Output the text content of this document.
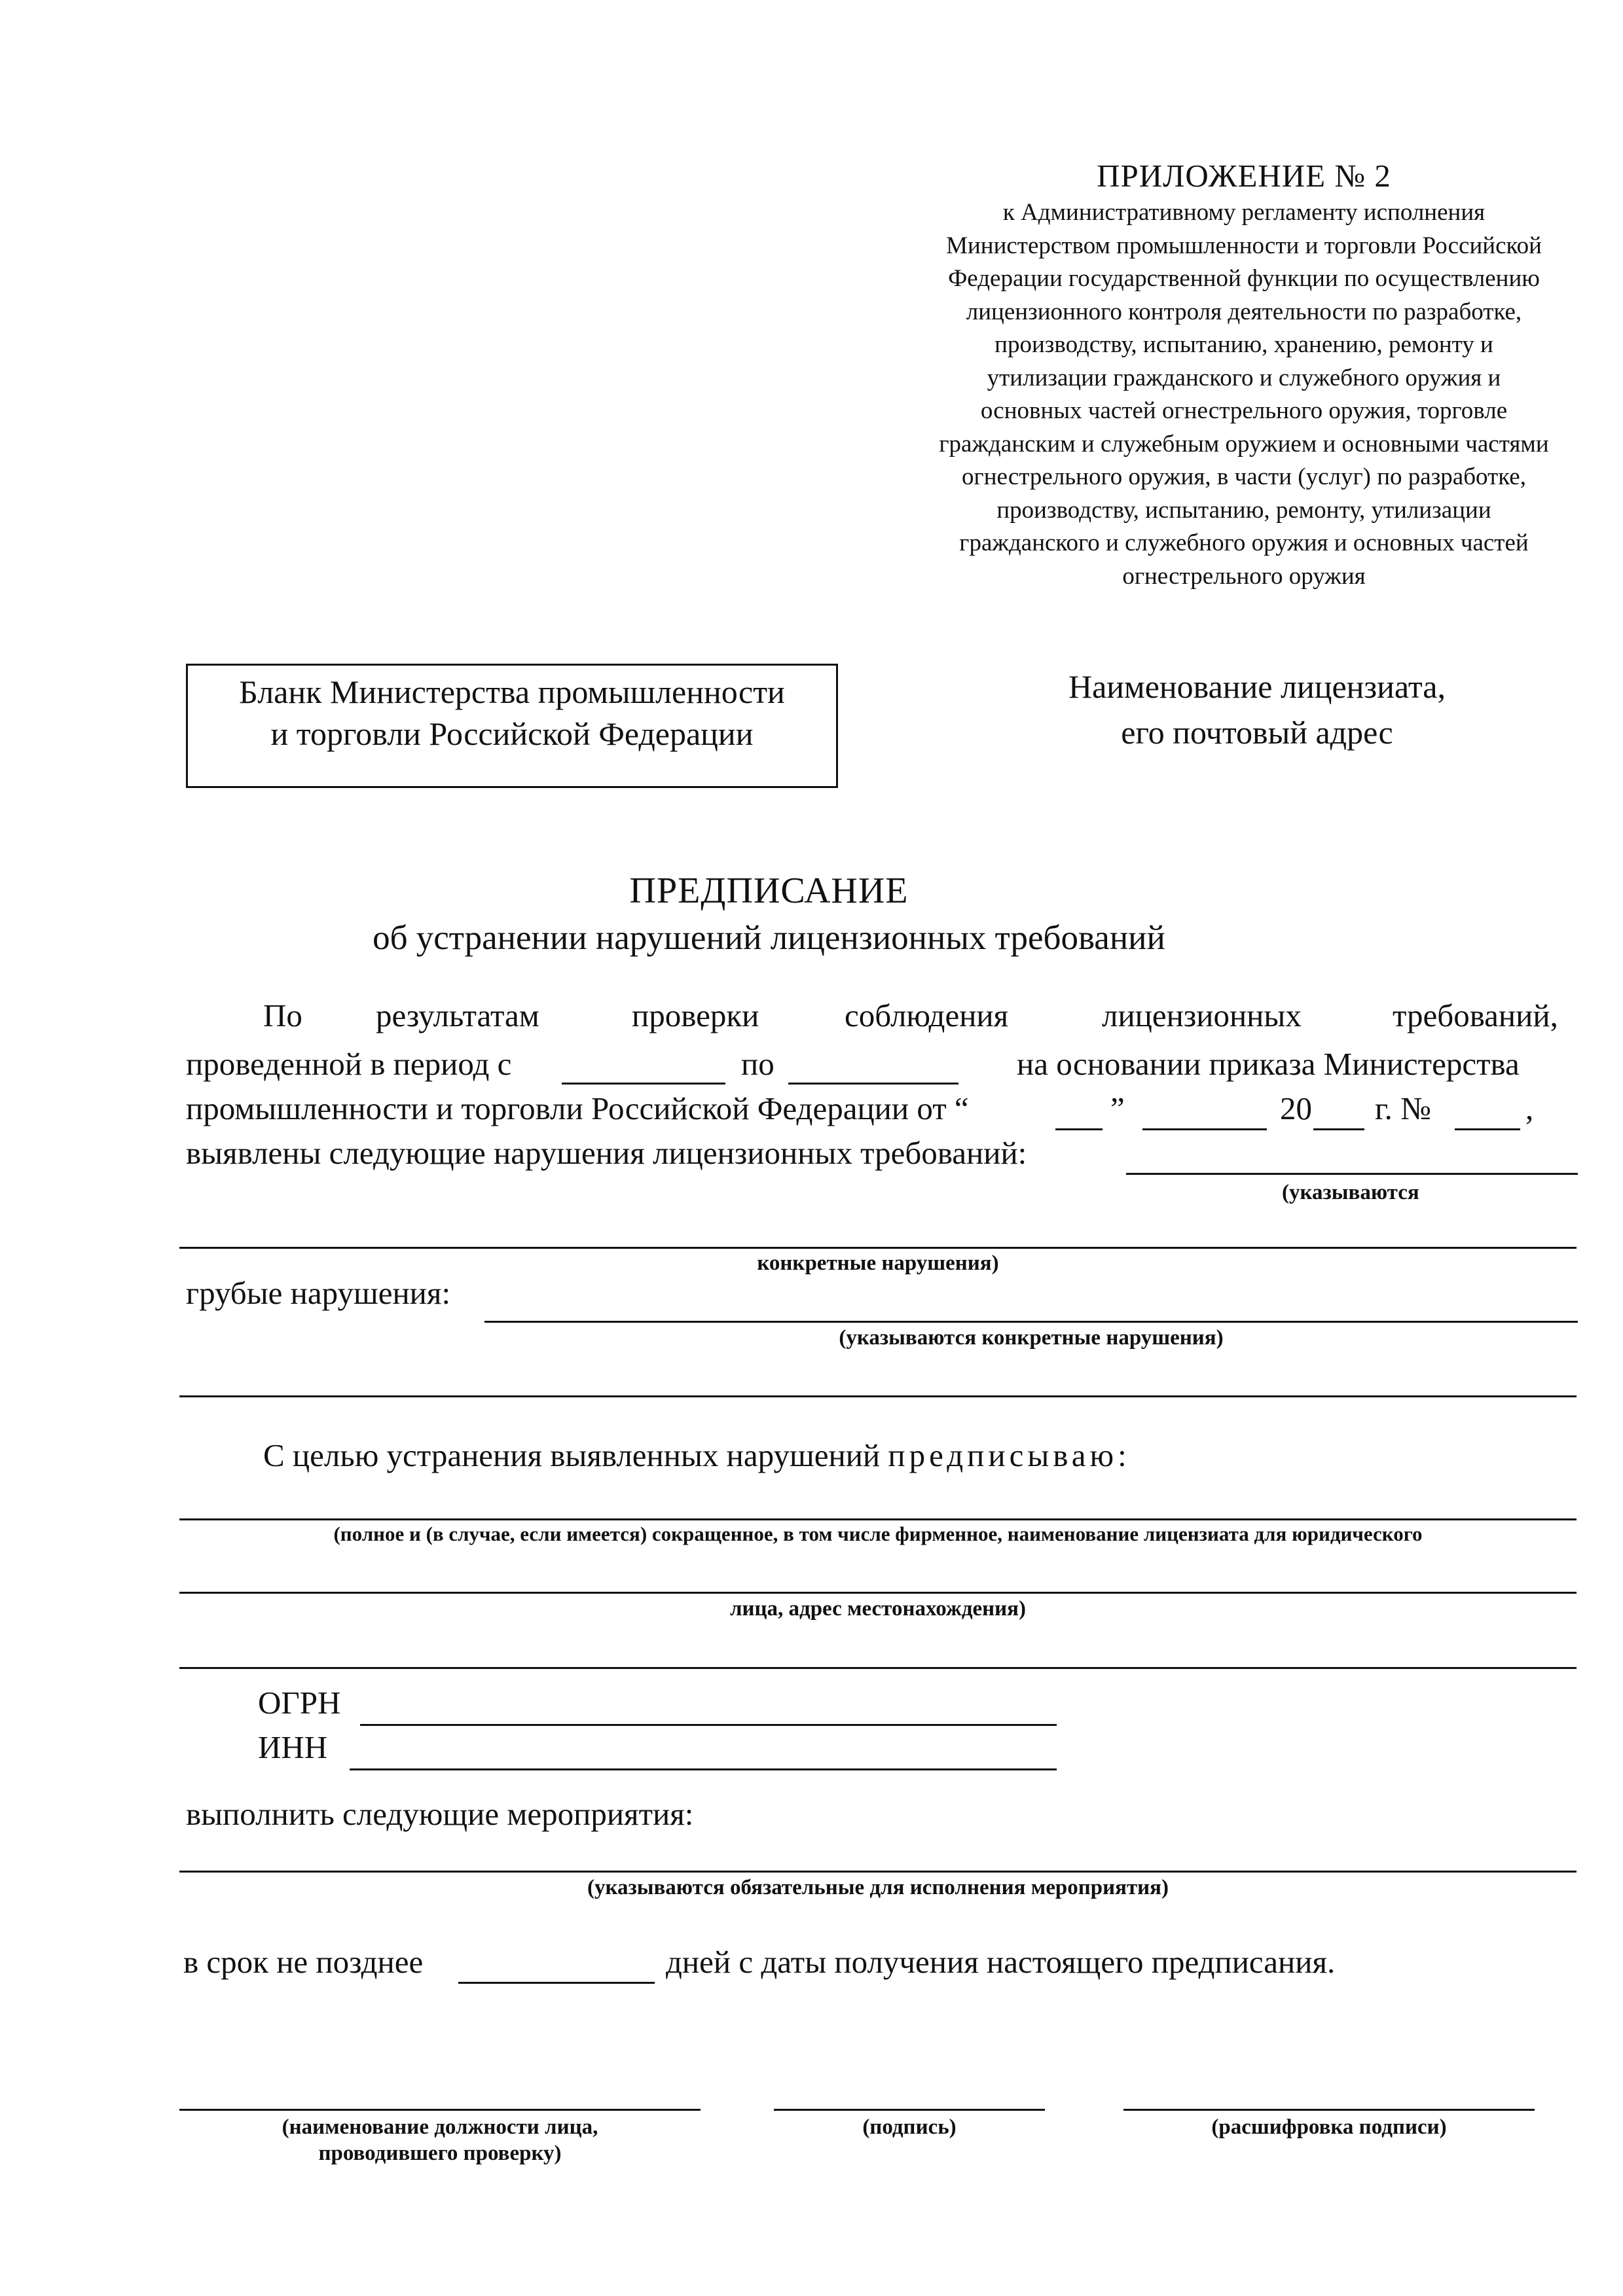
ПРИЛОЖЕНИЕ № 2
к Административному регламенту исполнения
Министерством промышленности и торговли Российской
Федерации государственной функции по осуществлению
лицензионного контроля деятельности по разработке,
производству, испытанию, хранению, ремонту и
утилизации гражданского и служебного оружия и
основных частей огнестрельного оружия, торговле
гражданским и служебным оружием и основными частями
огнестрельного оружия, в части (услуг) по разработке,
производству, испытанию, ремонту, утилизации
гражданского и служебного оружия и основных частей
огнестрельного оружия
Бланк Министерства промышленности
и торговли Российской Федерации
Наименование лицензиата,
его почтовый адрес
ПРЕДПИСАНИЕ
об устранении нарушений лицензионных требований
По результатам	проверки	соблюдения	лицензионных	требований,
проведенной в период с	по	на основании приказа Министерства
промышленности и торговли Российской Федерации от “	”	20 г. №	,
выявлены следующие нарушения лицензионных требований:
(указываются
конкретные нарушения)
грубые нарушения:
(указываются конкретные нарушения)
С целью устранения выявленных нарушений предписываю:
(полное и (в случае, если имеется) сокращенное, в том числе фирменное, наименование лицензиата для юридического
лица, адрес местонахождения)
ОГРН
ИНН
выполнить следующие мероприятия:
(указываются обязательные для исполнения мероприятия)
в срок не позднее	дней с даты получения настоящего предписания.
(наименование должности лица,
проводившего проверку)
(подпись)	(расшифровка подписи)
